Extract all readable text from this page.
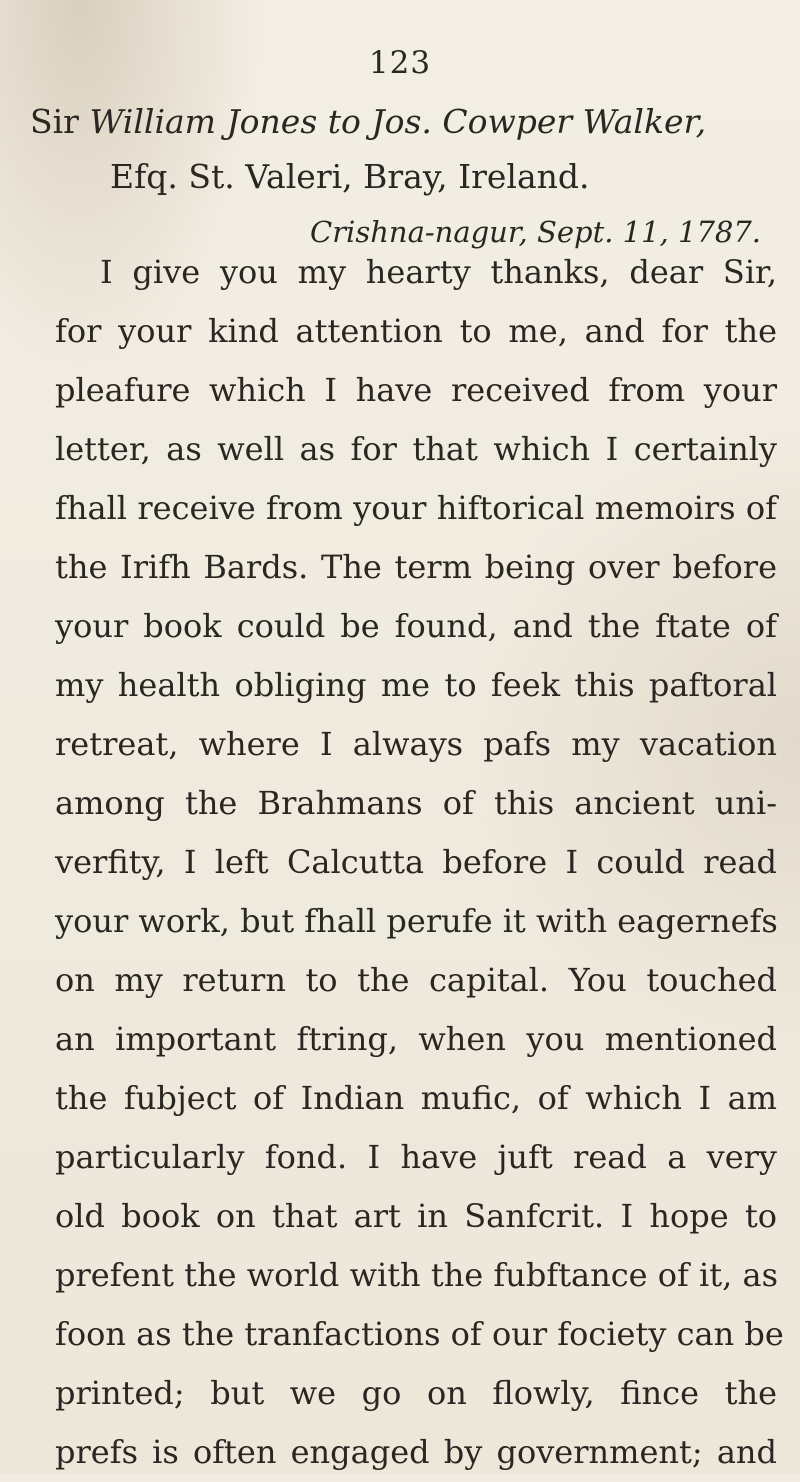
123
Sir William Jones to Jos. Cowper Walker,
Efq. St. Valeri, Bray, Ireland.
Crishna-nagur, Sept. 11, 1787.
I give you my hearty thanks, dear Sir,
for your kind attention to me, and for the
pleafure which I have received from your
letter, as well as for that which I certainly
fhall receive from your hiftorical memoirs of
the Irifh Bards. The term being over before
your book could be found, and the ftate of
my health obliging me to feek this paftoral
retreat, where I always pafs my vacation
among the Brahmans of this ancient uni-
verfity, I left Calcutta before I could read
your work, but fhall perufe it with eagernefs
on my return to the capital. You touched
an important ftring, when you mentioned
the fubject of Indian mufic, of which I am
particularly fond. I have juft read a very
old book on that art in Sanfcrit. I hope to
prefent the world with the fubftance of it, as
foon as the tranfactions of our fociety can be
printed; but we go on flowly, fince the
prefs is often engaged by government; and
